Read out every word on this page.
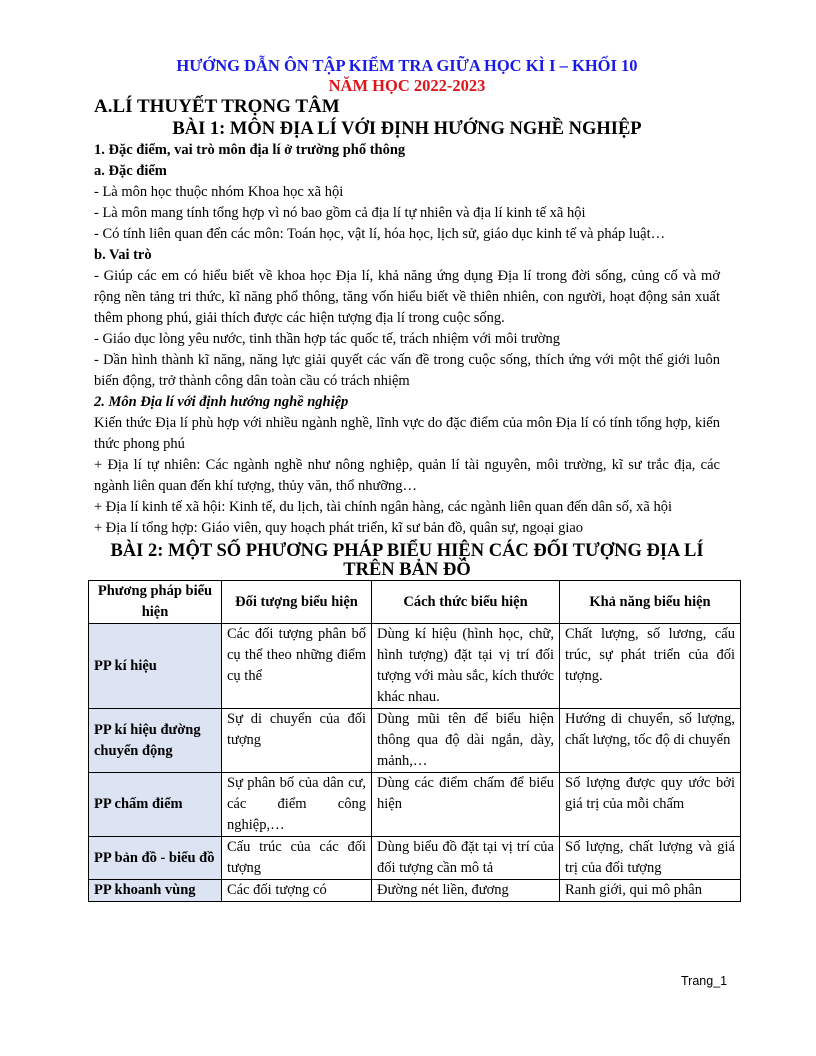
HƯỚNG DẪN ÔN TẬP KIỂM TRA GIỮA HỌC KÌ I – KHỐI 10

NĂM HỌC 2022-2023

A.LÍ THUYẾT TRỌNG TÂM

BÀI 1: MÔN ĐỊA LÍ VỚI ĐỊNH HƯỚNG NGHỀ NGHIỆP

1. Đặc điểm, vai trò môn địa lí ở trường phổ thông

a. Đặc điểm

- Là môn học thuộc nhóm Khoa học xã hội

- Là môn mang tính tổng hợp vì nó bao gồm cả địa lí tự nhiên và địa lí kinh tế xã hội

- Có tính liên quan đến các môn: Toán học, vật lí, hóa học, lịch sử, giáo dục kinh tế và pháp luật…

b. Vai trò

- Giúp các em có hiểu biết về khoa học Địa lí, khả năng ứng dụng Địa lí trong đời sống, củng cố và mở rộng nền tảng tri thức, kĩ năng phổ thông, tăng vốn hiểu biết về thiên nhiên, con người, hoạt động sản xuất thêm phong phú, giải thích được các hiện tượng địa lí trong cuộc sống.

- Giáo dục lòng yêu nước, tinh thần hợp tác quốc tế, trách nhiệm với môi trường

- Dần hình thành kĩ năng, năng lực giải quyết các vấn đề trong cuộc sống, thích ứng với một thế giới luôn biến động, trở thành công dân toàn cầu có trách nhiệm

2. Môn Địa lí với định hướng nghề nghiệp

Kiến thức Địa lí phù hợp với nhiều ngành nghề, lĩnh vực do đặc điểm của môn Địa lí có tính tổng hợp, kiến thức phong phú

+ Địa lí tự nhiên: Các ngành nghề như nông nghiệp, quản lí tài nguyên, môi trường, kĩ sư trắc địa, các ngành liên quan đến khí tượng, thủy văn, thổ nhưỡng…

+ Địa lí kinh tế xã hội: Kinh tế, du lịch, tài chính ngân hàng, các ngành liên quan đến dân số, xã hội

+ Địa lí tổng hợp: Giáo viên, quy hoạch phát triển, kĩ sư bản đồ, quân sự, ngoại giao

BÀI 2: MỘT SỐ PHƯƠNG PHÁP BIỂU HIỆN CÁC ĐỐI TƯỢNG ĐỊA LÍ

TRÊN BẢN ĐỒ

Phương pháp biểu hiện	Đối tượng biểu hiện	Cách thức biểu hiện	Khả năng biểu hiện
PP kí hiệu	Các đối tượng phân bố cụ thể theo những điểm cụ thể	Dùng kí hiệu (hình học, chữ, hình tượng) đặt tại vị trí đối tượng với màu sắc, kích thước khác nhau.	Chất lượng, số lương, cấu trúc, sự phát triển của đối tượng.
PP kí hiệu đường chuyển động	Sự di chuyển của đối tượng	Dùng mũi tên để biểu hiện thông qua độ dài ngắn, dày, mảnh,…	Hướng di chuyển, số lượng, chất lượng, tốc độ di chuyển
PP chấm điểm	Sự phân bố của dân cư, các điểm công nghiệp,…	Dùng các điểm chấm để biểu hiện	Số lượng được quy ước bởi giá trị của mỗi chấm
PP bản đồ - biểu đồ	Cấu trúc của các đối tượng	Dùng biểu đồ đặt tại vị trí của đối tượng cần mô tả	Số lượng, chất lượng và giá trị của đối tượng
PP khoanh vùng	Các đối tượng có	Đường nét liền, đương	Ranh giới, qui mô phân
Trang_1
